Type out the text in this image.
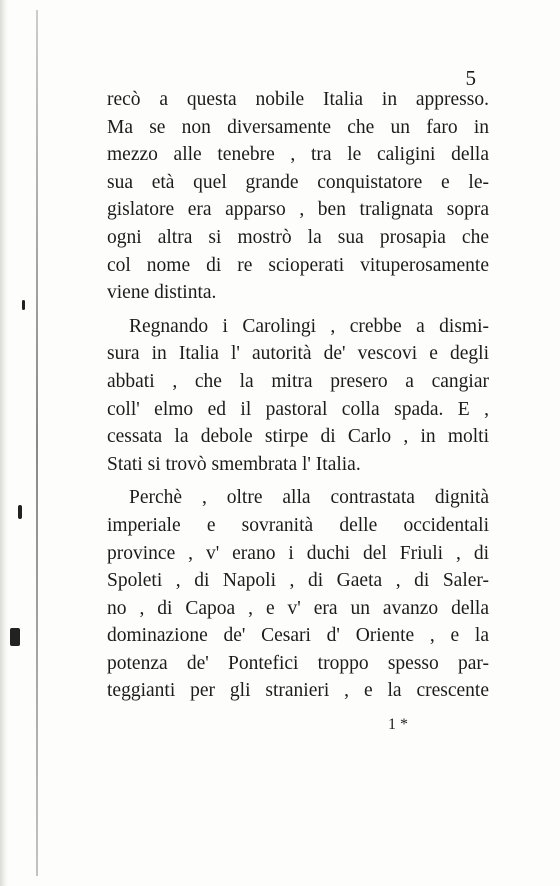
5
recò a questa nobile Italia in appresso.
Ma se non diversamente che un faro in
mezzo alle tenebre , tra le caligini della
sua età quel grande conquistatore e le-
gislatore era apparso , ben tralignata sopra
ogni altra si mostrò la sua prosapia che
col nome di re scioperati vituperosamente
viene distinta.
Regnando i Carolingi , crebbe a dismi-
sura in Italia l' autorità de' vescovi e degli
abbati , che la mitra presero a cangiar
coll' elmo ed il pastoral colla spada. E ,
cessata la debole stirpe di Carlo , in molti
Stati si trovò smembrata l' Italia.
Perchè , oltre alla contrastata dignità
imperiale e sovranità delle occidentali
province , v' erano i duchi del Friuli , di
Spoleti , di Napoli , di Gaeta , di Saler-
no , di Capoa , e v' era un avanzo della
dominazione de' Cesari d' Oriente , e la
potenza de' Pontefici troppo spesso par-
teggianti per gli stranieri , e la crescente
1 *
